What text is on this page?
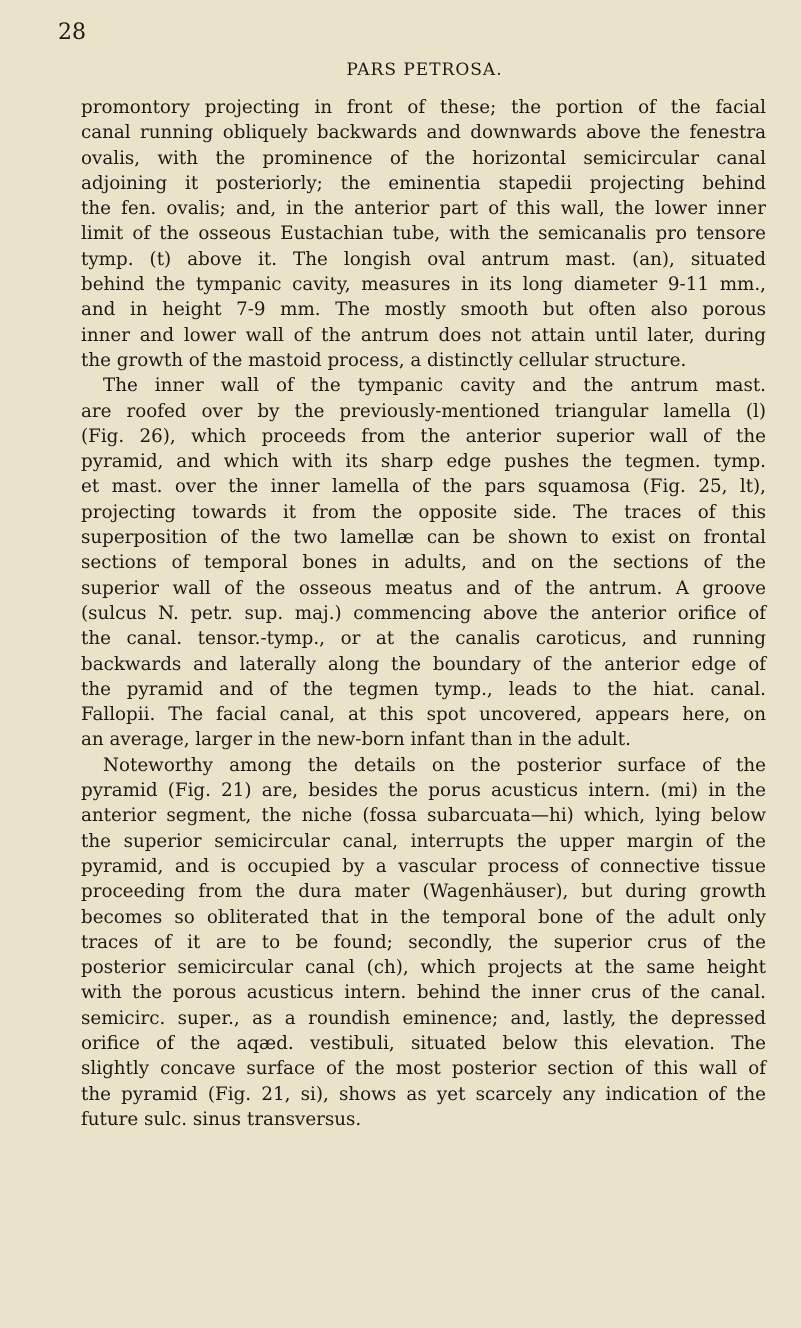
28
PARS PETROSA.
promontory projecting in front of these; the portion of the facial
canal running obliquely backwards and downwards above the fenestra
ovalis, with the prominence of the horizontal semicircular canal
adjoining it posteriorly; the eminentia stapedii projecting behind
the fen. ovalis; and, in the anterior part of this wall, the lower inner
limit of the osseous Eustachian tube, with the semicanalis pro tensore
tymp. (t) above it. The longish oval antrum mast. (an), situated
behind the tympanic cavity, measures in its long diameter 9-11 mm.,
and in height 7-9 mm. The mostly smooth but often also porous
inner and lower wall of the antrum does not attain until later, during
the growth of the mastoid process, a distinctly cellular structure.
The inner wall of the tympanic cavity and the antrum mast.
are roofed over by the previously-mentioned triangular lamella (l)
(Fig. 26), which proceeds from the anterior superior wall of the
pyramid, and which with its sharp edge pushes the tegmen. tymp.
et mast. over the inner lamella of the pars squamosa (Fig. 25, lt),
projecting towards it from the opposite side. The traces of this
superposition of the two lamellæ can be shown to exist on frontal
sections of temporal bones in adults, and on the sections of the
superior wall of the osseous meatus and of the antrum. A groove
(sulcus N. petr. sup. maj.) commencing above the anterior orifice of
the canal. tensor.-tymp., or at the canalis caroticus, and running
backwards and laterally along the boundary of the anterior edge of
the pyramid and of the tegmen tymp., leads to the hiat. canal.
Fallopii. The facial canal, at this spot uncovered, appears here, on
an average, larger in the new-born infant than in the adult.
Noteworthy among the details on the posterior surface of the
pyramid (Fig. 21) are, besides the porus acusticus intern. (mi) in the
anterior segment, the niche (fossa subarcuata—hi) which, lying below
the superior semicircular canal, interrupts the upper margin of the
pyramid, and is occupied by a vascular process of connective tissue
proceeding from the dura mater (Wagenhäuser), but during growth
becomes so obliterated that in the temporal bone of the adult only
traces of it are to be found; secondly, the superior crus of the
posterior semicircular canal (ch), which projects at the same height
with the porous acusticus intern. behind the inner crus of the canal.
semicirc. super., as a roundish eminence; and, lastly, the depressed
orifice of the aqæd. vestibuli, situated below this elevation. The
slightly concave surface of the most posterior section of this wall of
the pyramid (Fig. 21, si), shows as yet scarcely any indication of the
future sulc. sinus transversus.
